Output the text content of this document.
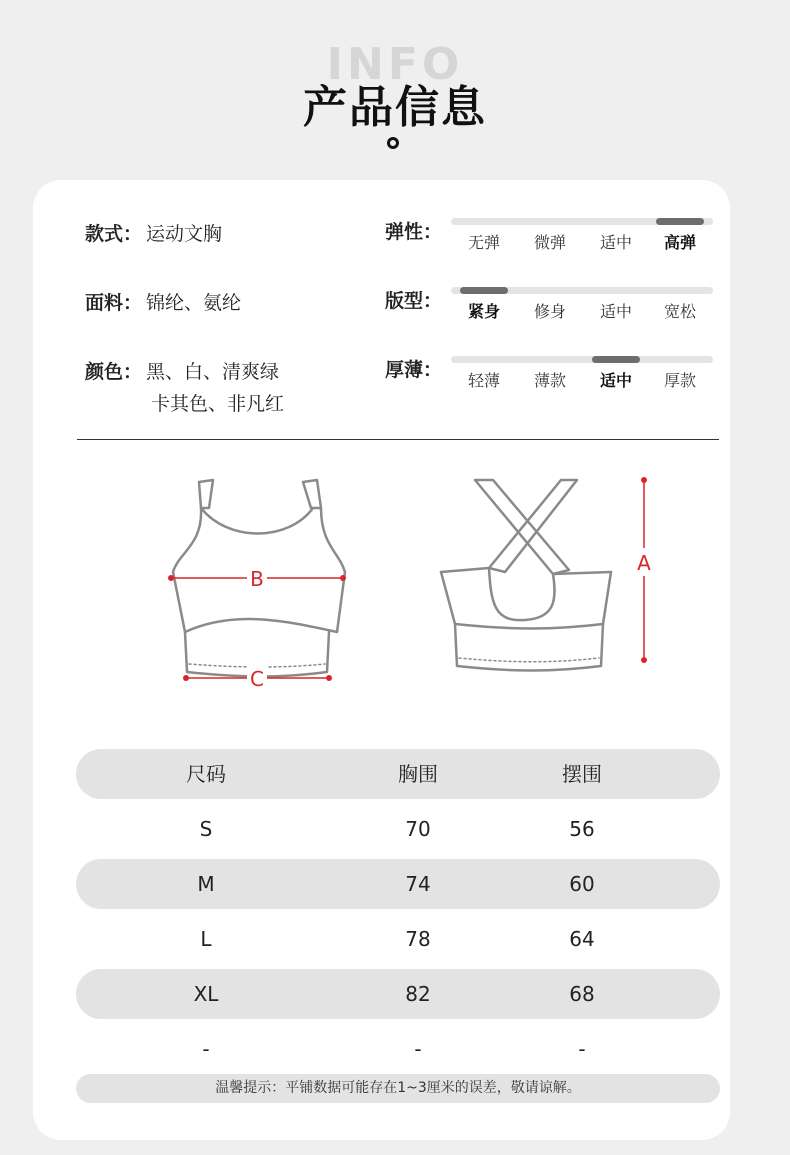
INFO
产品信息
款式： 运动文胸
面料： 锦纶、氨纶
颜色： 黑、白、清爽绿
卡其色、非凡红
弹性：	无弹	微弹	适中	高弹
版型：	紧身	修身	适中	宽松
厚薄：	轻薄	薄款	适中	厚款
B
C
A
尺码	胸围	摆围
S	70	56
M	74	60
L	78	64
XL	82	68
-	-	-
温馨提示：平铺数据可能存在1~3厘米的误差，敬请谅解。
